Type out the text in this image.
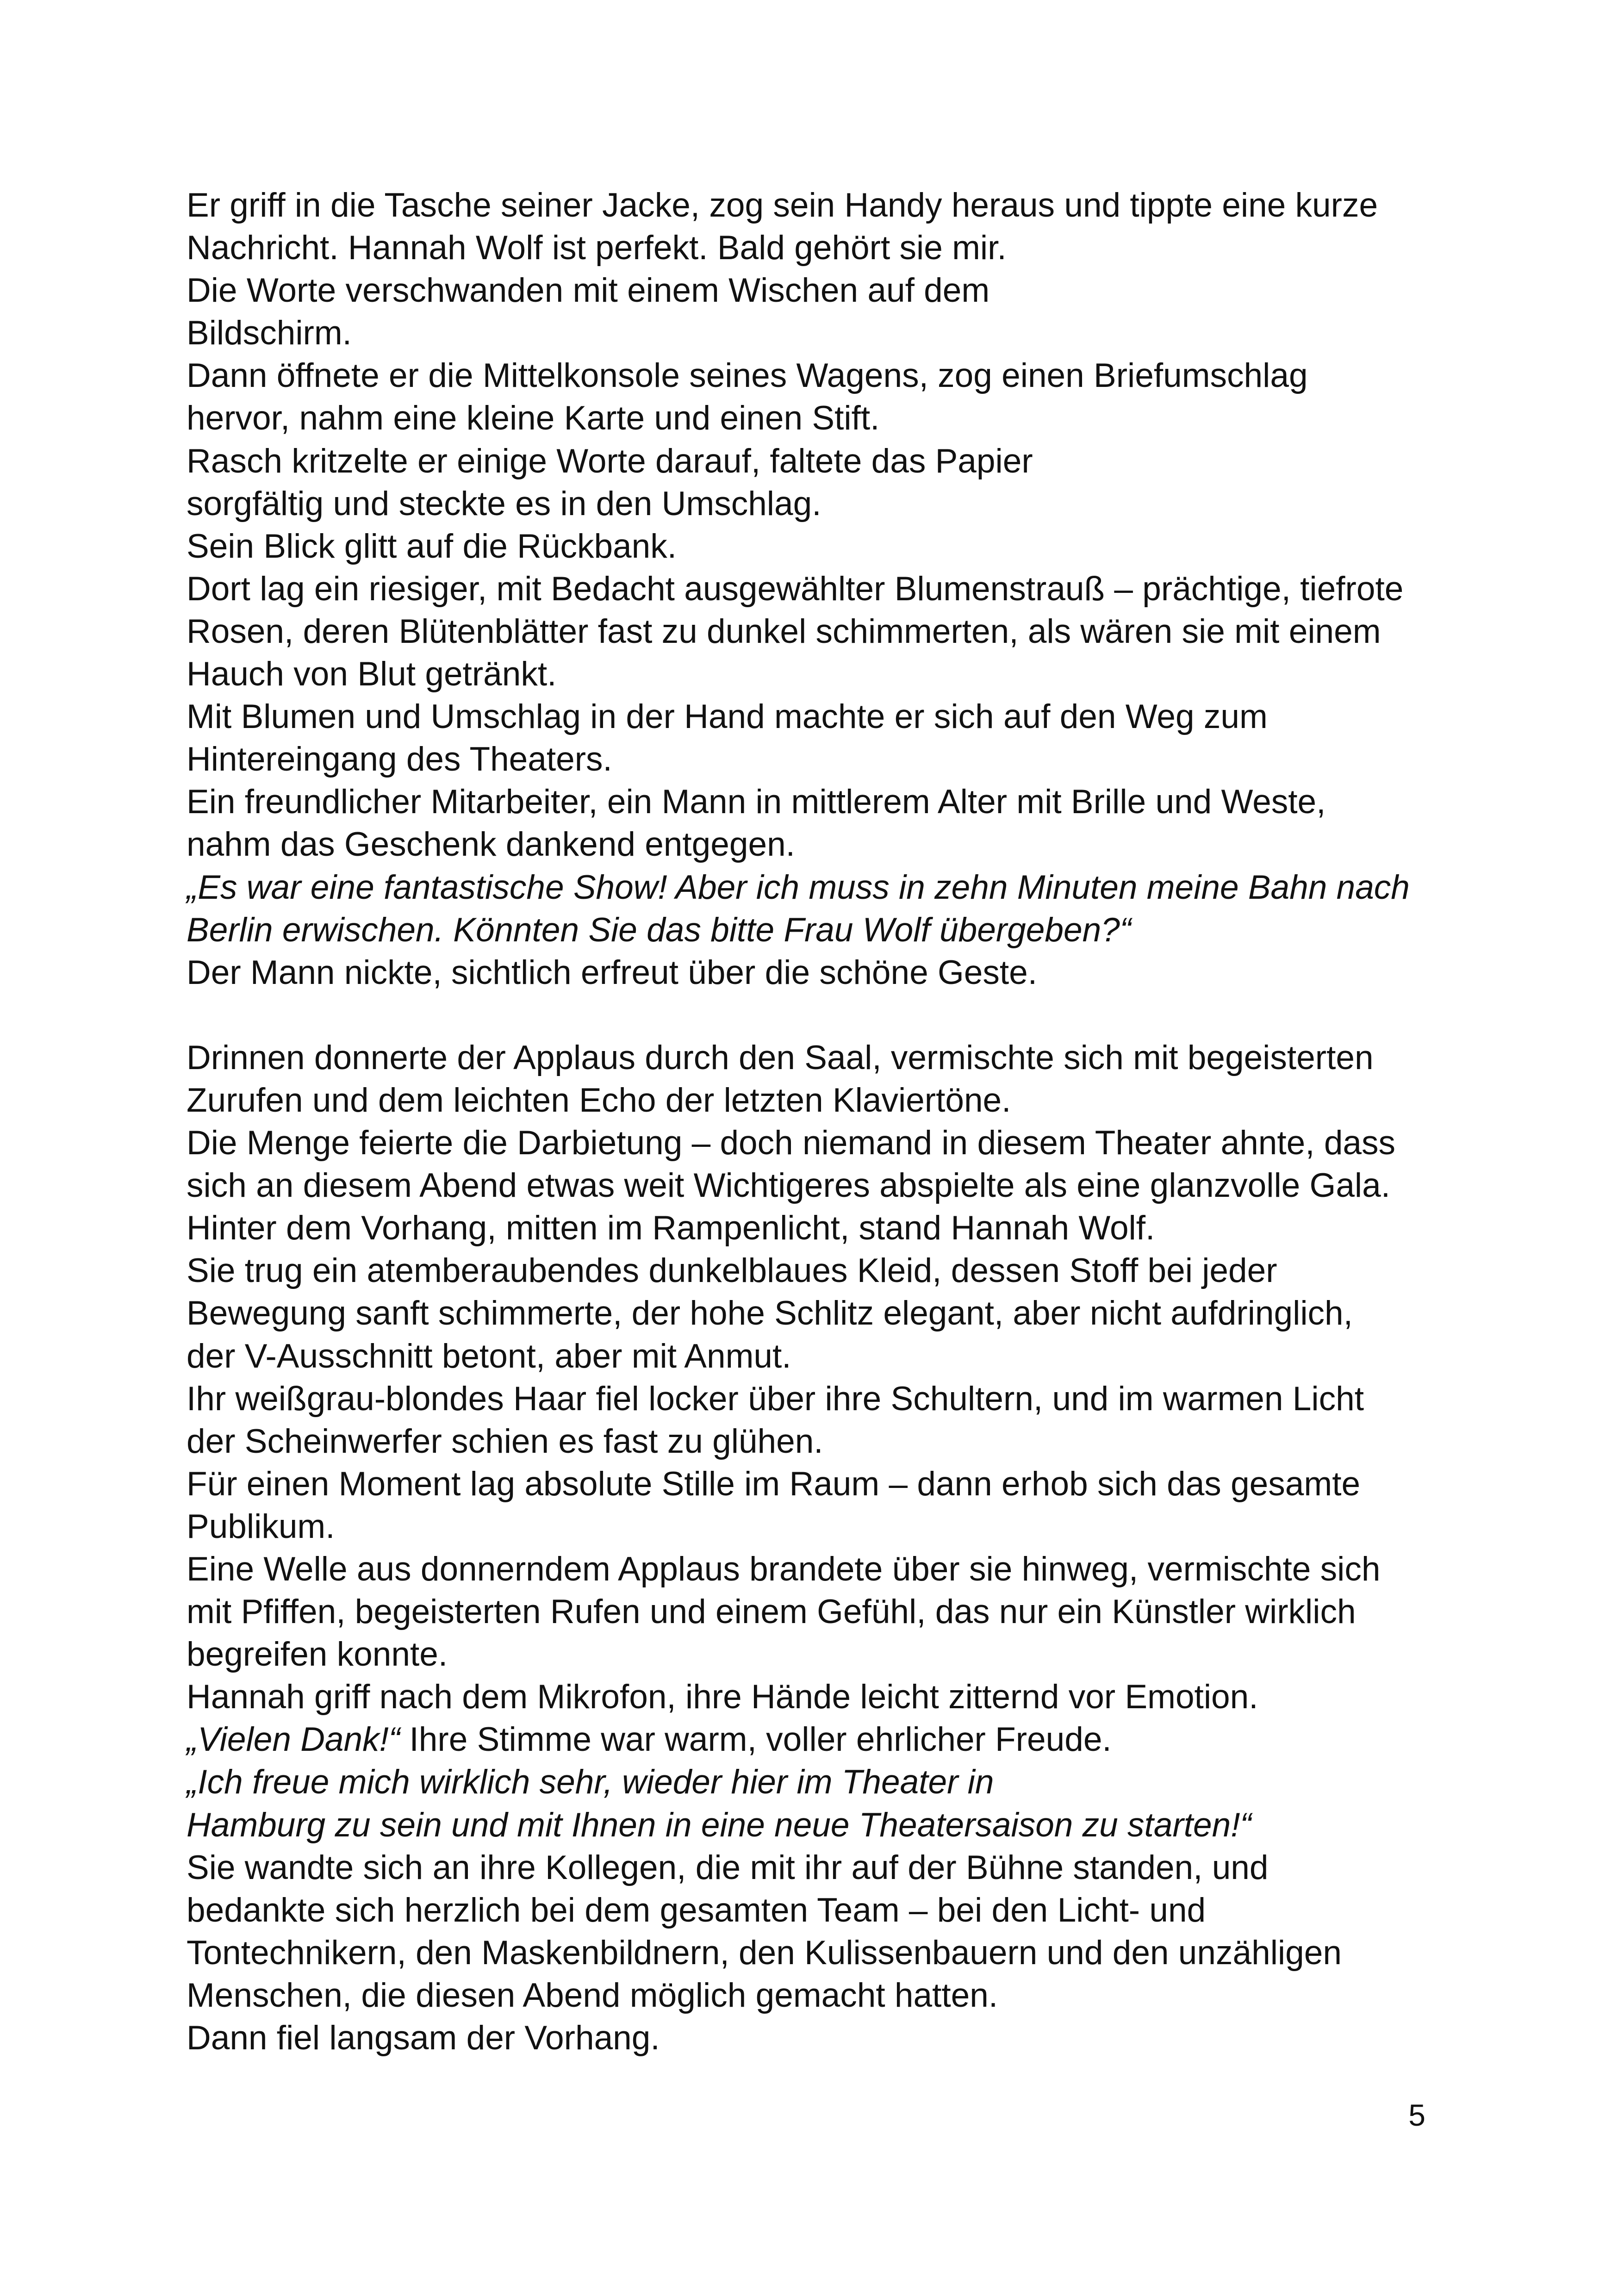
Er griff in die Tasche seiner Jacke, zog sein Handy heraus und tippte eine kurze

Nachricht. Hannah Wolf ist perfekt. Bald gehört sie mir.

Die Worte verschwanden mit einem Wischen auf dem

Bildschirm.

Dann öffnete er die Mittelkonsole seines Wagens, zog einen Briefumschlag

hervor, nahm eine kleine Karte und einen Stift.

Rasch kritzelte er einige Worte darauf, faltete das Papier

sorgfältig und steckte es in den Umschlag.

Sein Blick glitt auf die Rückbank.

Dort lag ein riesiger, mit Bedacht ausgewählter Blumenstrauß – prächtige, tiefrote

Rosen, deren Blütenblätter fast zu dunkel schimmerten, als wären sie mit einem

Hauch von Blut getränkt.

Mit Blumen und Umschlag in der Hand machte er sich auf den Weg zum

Hintereingang des Theaters.

Ein freundlicher Mitarbeiter, ein Mann in mittlerem Alter mit Brille und Weste,

nahm das Geschenk dankend entgegen.

„Es war eine fantastische Show! Aber ich muss in zehn Minuten meine Bahn nach

Berlin erwischen. Könnten Sie das bitte Frau Wolf übergeben?“

Der Mann nickte, sichtlich erfreut über die schöne Geste.

Drinnen donnerte der Applaus durch den Saal, vermischte sich mit begeisterten

Zurufen und dem leichten Echo der letzten Klaviertöne.

Die Menge feierte die Darbietung – doch niemand in diesem Theater ahnte, dass

sich an diesem Abend etwas weit Wichtigeres abspielte als eine glanzvolle Gala.

Hinter dem Vorhang, mitten im Rampenlicht, stand Hannah Wolf.

Sie trug ein atemberaubendes dunkelblaues Kleid, dessen Stoff bei jeder

Bewegung sanft schimmerte, der hohe Schlitz elegant, aber nicht aufdringlich,

der V-Ausschnitt betont, aber mit Anmut.

Ihr weißgrau-blondes Haar fiel locker über ihre Schultern, und im warmen Licht

der Scheinwerfer schien es fast zu glühen.

Für einen Moment lag absolute Stille im Raum – dann erhob sich das gesamte

Publikum.

Eine Welle aus donnerndem Applaus brandete über sie hinweg, vermischte sich

mit Pfiffen, begeisterten Rufen und einem Gefühl, das nur ein Künstler wirklich

begreifen konnte.

Hannah griff nach dem Mikrofon, ihre Hände leicht zitternd vor Emotion.

„Vielen Dank!“ Ihre Stimme war warm, voller ehrlicher Freude.

„Ich freue mich wirklich sehr, wieder hier im Theater in

Hamburg zu sein und mit Ihnen in eine neue Theatersaison zu starten!“

Sie wandte sich an ihre Kollegen, die mit ihr auf der Bühne standen, und

bedankte sich herzlich bei dem gesamten Team – bei den Licht- und

Tontechnikern, den Maskenbildnern, den Kulissenbauern und den unzähligen

Menschen, die diesen Abend möglich gemacht hatten.

Dann fiel langsam der Vorhang.

5
